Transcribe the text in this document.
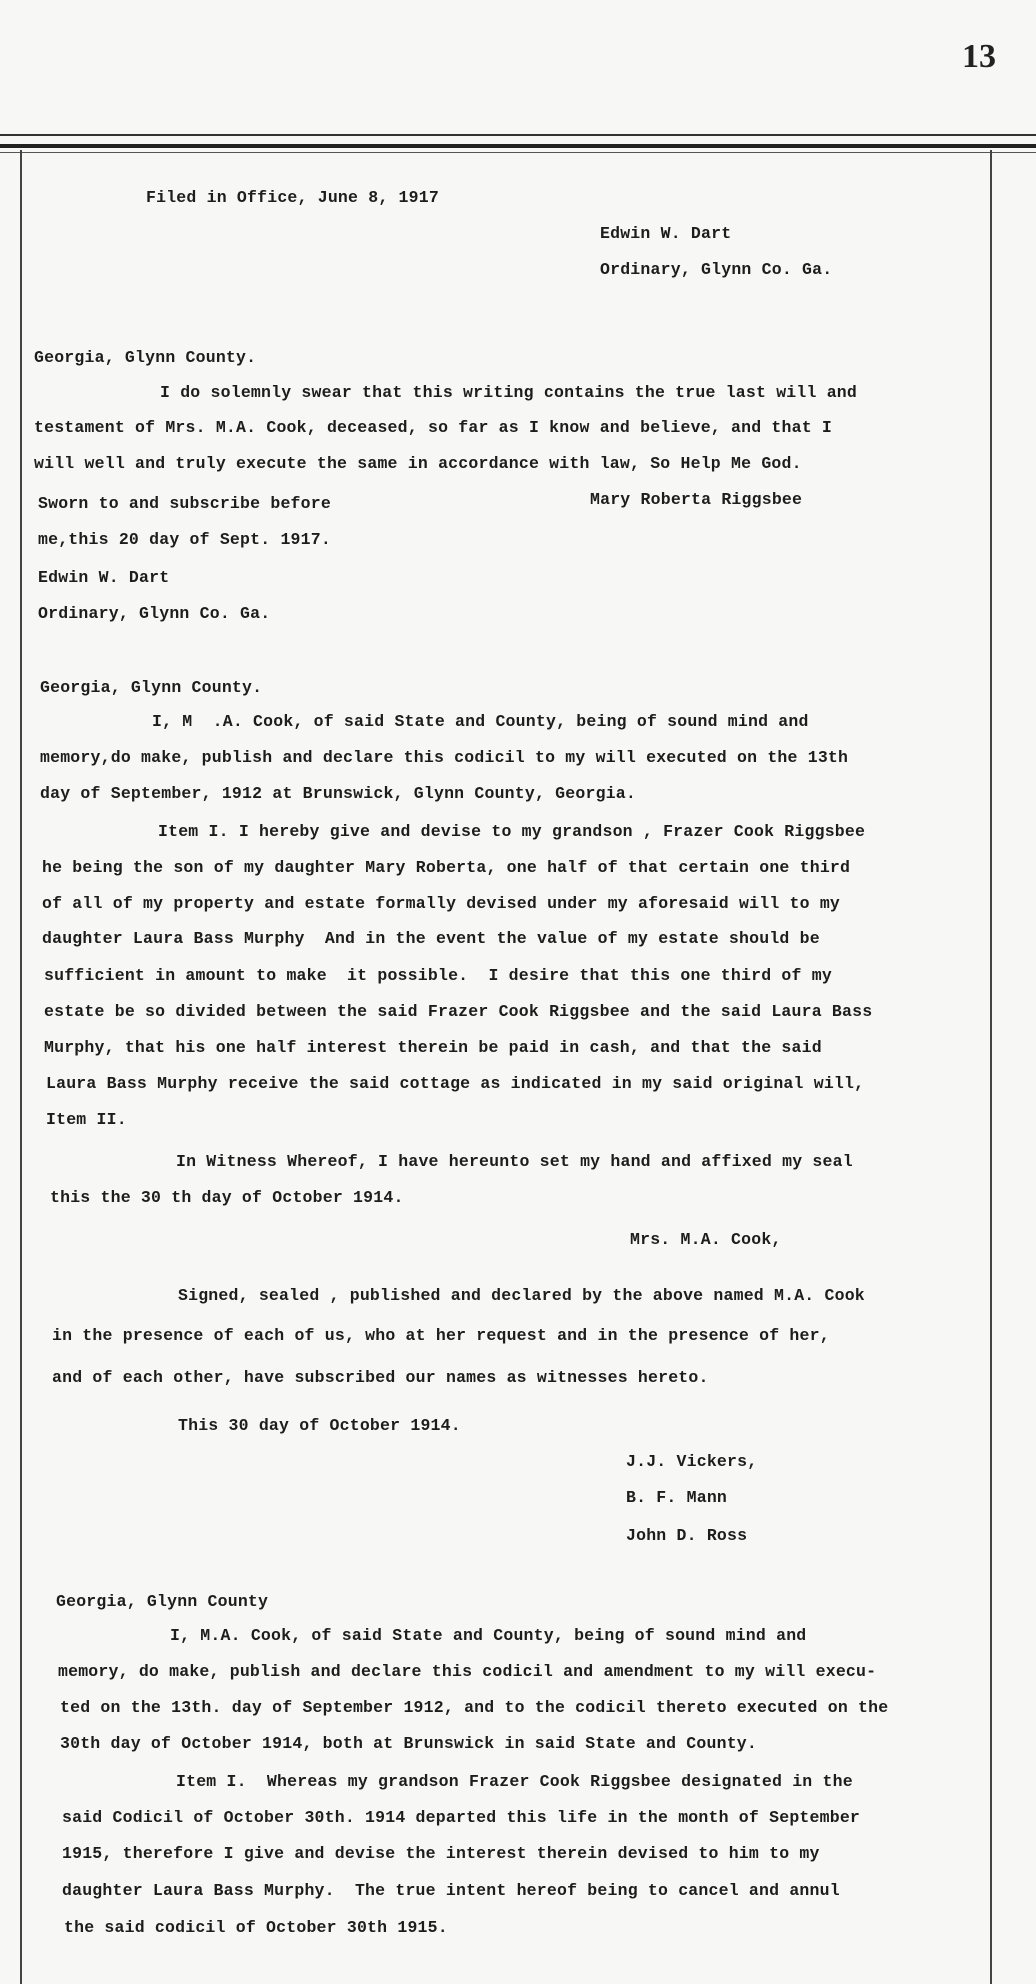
13
Filed in Office, June 8, 1917
Edwin W. Dart
Ordinary, Glynn Co. Ga.
Georgia, Glynn County.
I do solemnly swear that this writing contains the true last will and
testament of Mrs. M.A. Cook, deceased, so far as I know and believe, and that I
will well and truly execute the same in accordance with law, So Help Me God.
Sworn to and subscribe before	Mary Roberta Riggsbee
me,this 20 day of Sept. 1917.
Edwin W. Dart
Ordinary, Glynn Co. Ga.
Georgia, Glynn County.
I, M  .A. Cook, of said State and County, being of sound mind and
memory,do make, publish and declare this codicil to my will executed on the 13th
day of September, 1912 at Brunswick, Glynn County, Georgia.
Item I. I hereby give and devise to my grandson , Frazer Cook Riggsbee
he being the son of my daughter Mary Roberta, one half of that certain one third
of all of my property and estate formally devised under my aforesaid will to my
daughter Laura Bass Murphy  And in the event the value of my estate should be
sufficient in amount to make  it possible.  I desire that this one third of my
estate be so divided between the said Frazer Cook Riggsbee and the said Laura Bass
Murphy, that his one half interest therein be paid in cash, and that the said
Laura Bass Murphy receive the said cottage as indicated in my said original will,
Item II.
In Witness Whereof, I have hereunto set my hand and affixed my seal
this the 30 th day of October 1914.
Mrs. M.A. Cook,
Signed, sealed , published and declared by the above named M.A. Cook
in the presence of each of us, who at her request and in the presence of her,
and of each other, have subscribed our names as witnesses hereto.
This 30 day of October 1914.
J.J. Vickers,
B. F. Mann
John D. Ross
Georgia, Glynn County
I, M.A. Cook, of said State and County, being of sound mind and
memory, do make, publish and declare this codicil and amendment to my will execu-
ted on the 13th. day of September 1912, and to the codicil thereto executed on the
30th day of October 1914, both at Brunswick in said State and County.
Item I.  Whereas my grandson Frazer Cook Riggsbee designated in the
said Codicil of October 30th. 1914 departed this life in the month of September
1915, therefore I give and devise the interest therein devised to him to my
daughter Laura Bass Murphy.  The true intent hereof being to cancel and annul
the said codicil of October 30th 1915.
